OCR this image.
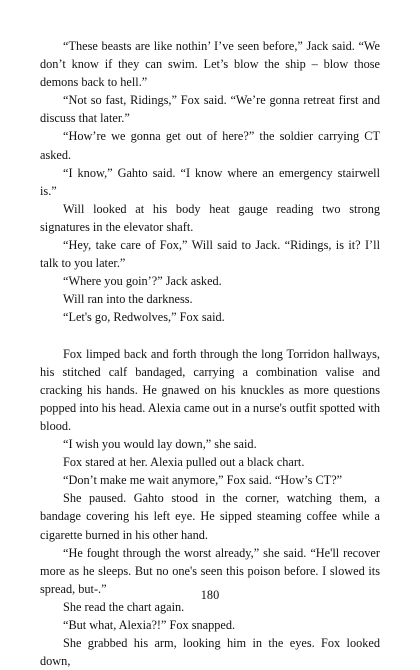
“These beasts are like nothin’ I’ve seen before,” Jack said. “We don’t know if they can swim. Let’s blow the ship – blow those demons back to hell.”

“Not so fast, Ridings,” Fox said. “We’re gonna retreat first and discuss that later.”

“How’re we gonna get out of here?” the soldier carrying CT asked.

“I know,” Gahto said. “I know where an emergency stairwell is.”

Will looked at his body heat gauge reading two strong signatures in the elevator shaft.

“Hey, take care of Fox,” Will said to Jack. “Ridings, is it? I’ll talk to you later.”

“Where you goin’?” Jack asked.

Will ran into the darkness.

“Let's go, Redwolves,” Fox said.

Fox limped back and forth through the long Torridon hallways, his stitched calf bandaged, carrying a combination valise and cracking his hands. He gnawed on his knuckles as more questions popped into his head. Alexia came out in a nurse's outfit spotted with blood.

“I wish you would lay down,” she said.

Fox stared at her. Alexia pulled out a black chart.

“Don’t make me wait anymore,” Fox said. “How’s CT?”

She paused. Gahto stood in the corner, watching them, a bandage covering his left eye. He sipped steaming coffee while a cigarette burned in his other hand.

“He fought through the worst already,” she said. “He'll recover more as he sleeps. But no one's seen this poison before. I slowed its spread, but-.”

She read the chart again.

“But what, Alexia?!” Fox snapped.

She grabbed his arm, looking him in the eyes. Fox looked down,

180
